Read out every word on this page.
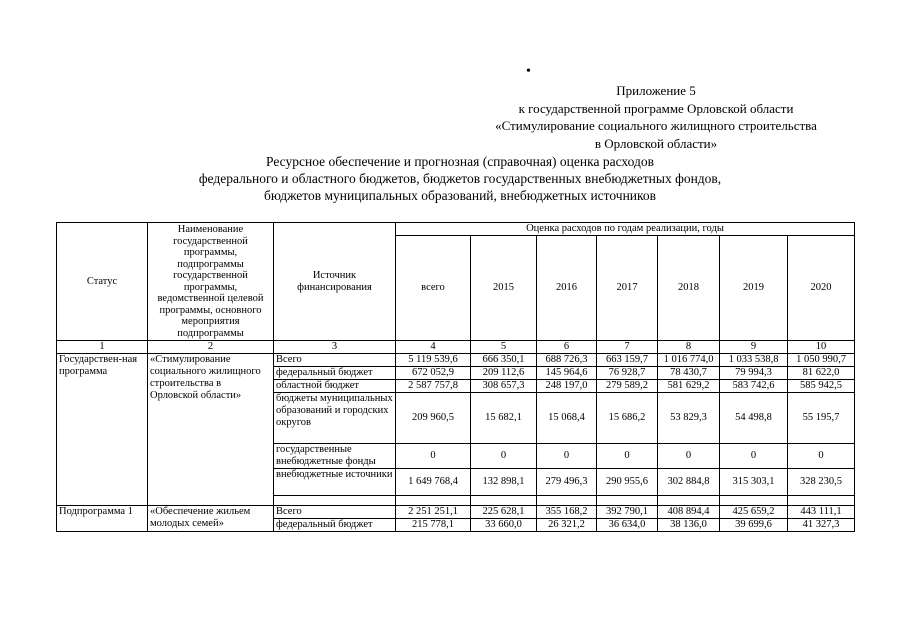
•
Приложение 5
к государственной программе Орловской области
«Стимулирование социального жилищного строительства
в Орловской области»
Ресурсное обеспечение и прогнозная (справочная) оценка расходов
федерального и областного бюджетов, бюджетов государственных внебюджетных фондов,
бюджетов муниципальных образований, внебюджетных источников
Статус	Наименование государственной программы, подпрограммы государственной программы, ведомственной целевой программы, основного мероприятия подпрограммы	Источник финансирования	Оценка расходов по годам реализации, годы						
			всего	2015	2016	2017	2018	2019	2020
1	2	3	4	5	6	7	8	9	10
Государствен-ная программа	«Стимулирование социального жилищного строительства в Орловской области»	Всего	5 119 539,6	666 350,1	688 726,3	663 159,7	1 016 774,0	1 033 538,8	1 050 990,7
		федеральный бюджет	672 052,9	209 112,6	145 964,6	76 928,7	78 430,7	79 994,3	81 622,0
		областной бюджет	2 587 757,8	308 657,3	248 197,0	279 589,2	581 629,2	583 742,6	585 942,5
		бюджеты муниципальных образований и городских округов	209 960,5	15 682,1	15 068,4	15 686,2	53 829,3	54 498,8	55 195,7
		государственные внебюджетные фонды	0	0	0	0	0	0	0
		внебюджетные источники	1 649 768,4	132 898,1	279 496,3	290 955,6	302 884,8	315 303,1	328 230,5

Подпрограмма 1	«Обеспечение жильем молодых семей»	Всего	2 251 251,1	225 628,1	355 168,2	392 790,1	408 894,4	425 659,2	443 111,1
		федеральный бюджет	215 778,1	33 660,0	26 321,2	36 634,0	38 136,0	39 699,6	41 327,3
